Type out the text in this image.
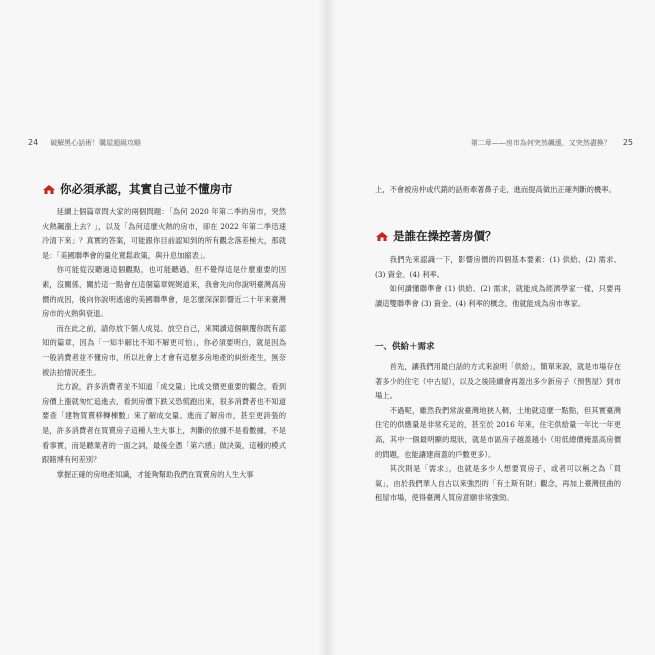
24 破解黑心話術！購屋超級攻略
你必須承認，其實自己並不懂房市

延續上個篇章問大家的兩個問題：「為何 2020 年第二季的房市，突然火熱飆漲上去？」，以及「為何這麼火熱的房市，卻在 2022 年第二季迅速冷清下來」？真實的答案，可能跟你目前認知到的所有觀念落差極大，那就是：「美國聯準會的量化寬鬆政策，與升息加縮表」。

你可能從沒聽過這個觀點，也可能聽過，但不覺得這是什麼重要的因素，沒關係，關於這一點會在這個篇章娓娓道來，我會先向你說明臺灣高房價的成因，後向你說明遙遠的美國聯準會，是怎麼深深影響近二十年來臺灣房市的火熱與衰退。

而在此之前，請你放下個人成見、放空自己，來閱讀這個顛覆你既有認知的篇章，因為「一知半解比不知不解更可怕」，你必須要明白，就是因為一般消費者並不懂房市，所以社會上才會有這麼多房地產的糾紛產生，無奈被法拍情況產生。

比方說，許多消費者並不知道「成交量」比成交價更重要的觀念，看到房價上漲就匆忙追進去，看到房價下跌又恐慌跑出來，很多消費者也不知道要查「建物買賣移轉棟數」來了解成交量、進而了解房市，甚至更誇張的是，許多消費者在買賣房子這種人生大事上，判斷的依據不是看數據，不是看事實，而是聽業者的一面之詞，最後全憑「第六感」做決策，這種的模式跟賭博有何差別？

掌握正確的房地產知識，才能夠幫助我們在買賣房的人生大事

第二章——房市為何突然飆漲，又突然盡換？ 25

上，不會被房仲或代銷的話術牽著鼻子走，進而提高做出正確判斷的機率。

是誰在操控著房價？

我們先來認識一下，影響房價的四個基本要素：(1) 供給、(2) 需求、(3) 資金、(4) 利率。

如何讀懂聯準會 (1) 供給、(2) 需求，就能成為經濟學家一樣，只要再讀這雙聯準會 (3) 資金、(4) 利率的概念，他就能成為房市專家。

一、供給＋需求

首先，讓我們用最白話的方式來說明「供給」，簡單來說，就是市場存在著多少的住宅（中古屋），以及之後陸續會再蓋出多少新房子（預售屋）到市場上。

不過呢，雖然我們常說臺灣地狹人稠，土地就這麼一點點，但其實臺灣住宅的供應量是非常充足的，甚至於 2016 年來，住宅供給量一年比一年更高，其中一個最明顯的現狀，就是市區房子越蓋越小（用低總價掩蓋高房價的問題，也能讓建商蓋的戶數更多）。

其次則是「需求」，也就是多少人想要買房子，或者可以稱之為「買氣」，由於我們華人自古以來強烈的「有土斯有財」觀念，再加上臺灣扭曲的租屋市場，使得臺灣人買房意願非常強勁。
